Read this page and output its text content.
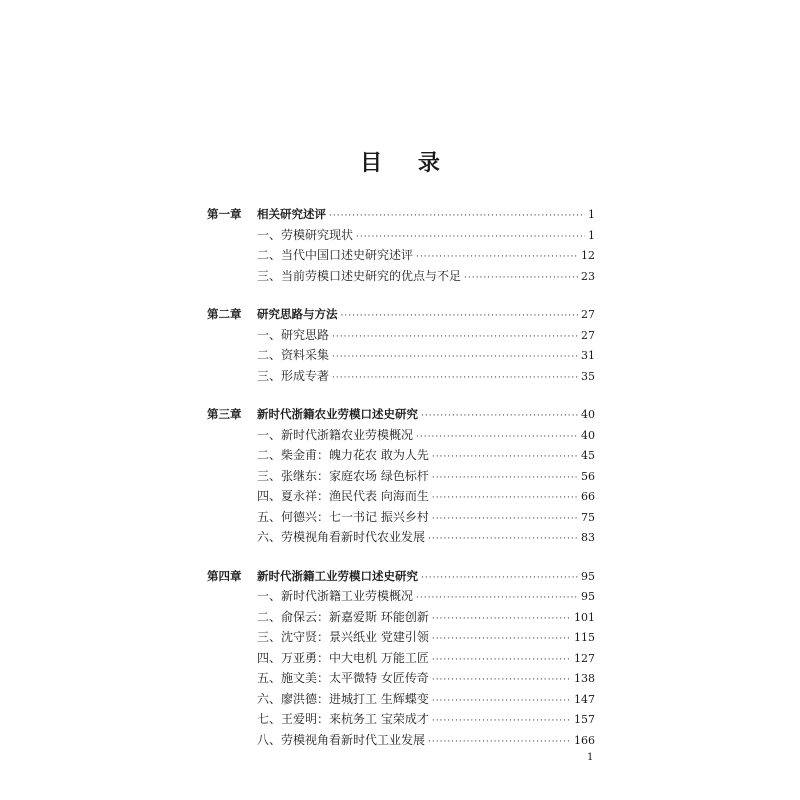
目 录
第一章	相关研究述评 ·····	1
一、劳模研究现状 ·····	1
二、当代中国口述史研究述评 ·····	12
三、当前劳模口述史研究的优点与不足 ·····	23
第二章	研究思路与方法 ·····	27
一、研究思路 ·····	27
二、资料采集 ·····	31
三、形成专著 ·····	35
第三章	新时代浙籍农业劳模口述史研究 ·····	40
一、新时代浙籍农业劳模概况 ·····	40
二、柴金甫：魄力花农 敢为人先 ·····	45
三、张继东：家庭农场 绿色标杆 ·····	56
四、夏永祥：渔民代表 向海而生 ·····	66
五、何德兴：七一书记 振兴乡村 ·····	75
六、劳模视角看新时代农业发展 ·····	83
第四章	新时代浙籍工业劳模口述史研究 ·····	95
一、新时代浙籍工业劳模概况 ·····	95
二、俞保云：新嘉爱斯 环能创新 ·····	101
三、沈守贤：景兴纸业 党建引领 ·····	115
四、万亚勇：中大电机 万能工匠 ·····	127
五、施文美：太平微特 女匠传奇 ·····	138
六、廖洪德：进城打工 生辉蝶变 ·····	147
七、王爱明：来杭务工 宝荣成才 ·····	157
八、劳模视角看新时代工业发展 ·····	166
1
